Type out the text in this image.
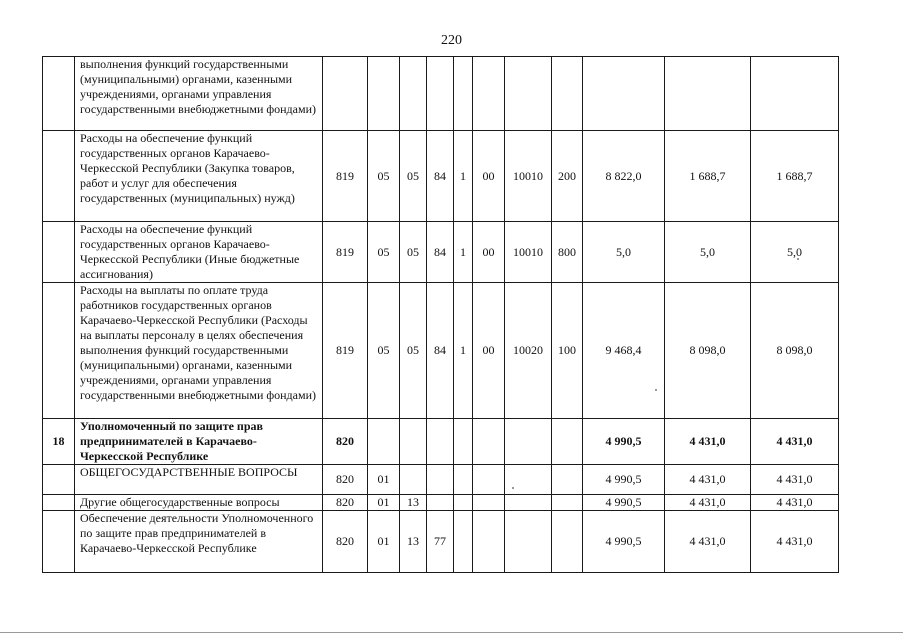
220
	выполнения функций государственными (муниципальными) органами, казенными учреждениями, органами управления государственными внебюджетными фондами)											
	Расходы на обеспечение функций государственных органов Карачаево-Черкесской Республики (Закупка товаров, работ и услуг для обеспечения государственных (муниципальных) нужд)	819	05	05	84	1	00	10010	200	8 822,0	1 688,7	1 688,7
	Расходы на обеспечение функций государственных органов Карачаево-Черкесской Республики (Иные бюджетные ассигнования)	819	05	05	84	1	00	10010	800	5,0	5,0	5,0
	Расходы на выплаты по оплате труда работников государственных органов Карачаево-Черкесской Республики (Расходы на выплаты персоналу в целях обеспечения выполнения функций государственными (муниципальными) органами, казенными учреждениями, органами управления государственными внебюджетными фондами)	819	05	05	84	1	00	10020	100	9 468,4	8 098,0	8 098,0
18	Уполномоченный по защите прав предпринимателей в Карачаево-Черкесской Республике	820								4 990,5	4 431,0	4 431,0
	ОБЩЕГОСУДАРСТВЕННЫЕ ВОПРОСЫ	820	01							4 990,5	4 431,0	4 431,0
	Другие общегосударственные вопросы	820	01	13						4 990,5	4 431,0	4 431,0
	Обеспечение деятельности Уполномоченного по защите прав предпринимателей в Карачаево-Черкесской Республике	820	01	13	77					4 990,5	4 431,0	4 431,0
